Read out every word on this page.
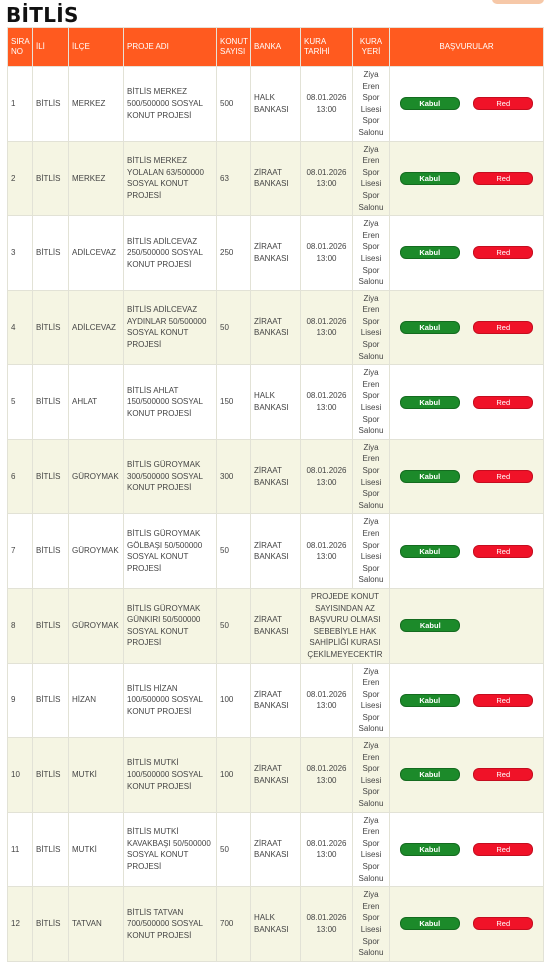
BİTLİS
SIRA NO	İLİ	İLÇE	PROJE ADI	KONUT SAYISI	BANKA	KURA TARİHİ	KURA YERİ	BAŞVURULAR
1	BİTLİS	MERKEZ	BİTLİS MERKEZ 500/500000 SOSYAL KONUT PROJESİ	500	HALK BANKASI	08.01.2026 13:00	Ziya Eren Spor Lisesi Spor Salonu	Kabul Red

2	BİTLİS	MERKEZ	BİTLİS MERKEZ YOLALAN 63/500000 SOSYAL KONUT PROJESİ	63	ZİRAAT BANKASI	08.01.2026 13:00	Ziya Eren Spor Lisesi Spor Salonu	Kabul Red

3	BİTLİS	ADİLCEVAZ	BİTLİS ADİLCEVAZ 250/500000 SOSYAL KONUT PROJESİ	250	ZİRAAT BANKASI	08.01.2026 13:00	Ziya Eren Spor Lisesi Spor Salonu	Kabul Red

4	BİTLİS	ADİLCEVAZ	BİTLİS ADİLCEVAZ AYDINLAR 50/500000 SOSYAL KONUT PROJESİ	50	ZİRAAT BANKASI	08.01.2026 13:00	Ziya Eren Spor Lisesi Spor Salonu	Kabul Red

5	BİTLİS	AHLAT	BİTLİS AHLAT 150/500000 SOSYAL KONUT PROJESİ	150	HALK BANKASI	08.01.2026 13:00	Ziya Eren Spor Lisesi Spor Salonu	Kabul Red

6	BİTLİS	GÜROYMAK	BİTLİS GÜROYMAK 300/500000 SOSYAL KONUT PROJESİ	300	ZİRAAT BANKASI	08.01.2026 13:00	Ziya Eren Spor Lisesi Spor Salonu	Kabul Red

7	BİTLİS	GÜROYMAK	BİTLİS GÜROYMAK GÖLBAŞI 50/500000 SOSYAL KONUT PROJESİ	50	ZİRAAT BANKASI	08.01.2026 13:00	Ziya Eren Spor Lisesi Spor Salonu	Kabul Red

8	BİTLİS	GÜROYMAK	BİTLİS GÜROYMAK GÜNKIRI 50/500000 SOSYAL KONUT PROJESİ	50	ZİRAAT BANKASI	PROJEDE KONUT SAYISINDAN AZ BAŞVURU OLMASI SEBEBİYLE HAK SAHİPLİĞİ KURASI ÇEKİLMEYECEKTİR		Kabul

9	BİTLİS	HİZAN	BİTLİS HİZAN 100/500000 SOSYAL KONUT PROJESİ	100	ZİRAAT BANKASI	08.01.2026 13:00	Ziya Eren Spor Lisesi Spor Salonu	Kabul Red

10	BİTLİS	MUTKİ	BİTLİS MUTKİ 100/500000 SOSYAL KONUT PROJESİ	100	ZİRAAT BANKASI	08.01.2026 13:00	Ziya Eren Spor Lisesi Spor Salonu	Kabul Red

11	BİTLİS	MUTKİ	BİTLİS MUTKİ KAVAKBAŞI 50/500000 SOSYAL KONUT PROJESİ	50	ZİRAAT BANKASI	08.01.2026 13:00	Ziya Eren Spor Lisesi Spor Salonu	Kabul Red

12	BİTLİS	TATVAN	BİTLİS TATVAN 700/500000 SOSYAL KONUT PROJESİ	700	HALK BANKASI	08.01.2026 13:00	Ziya Eren Spor Lisesi Spor Salonu	Kabul Red
